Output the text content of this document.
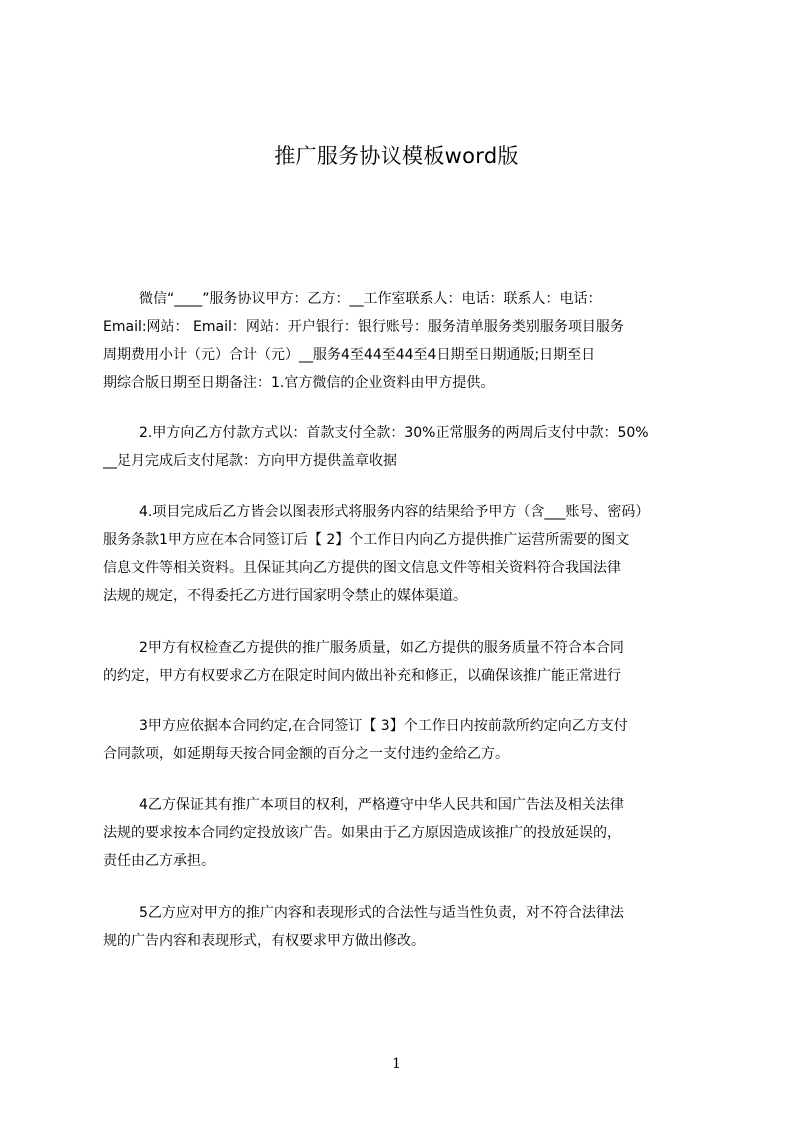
推广服务协议模板word版
微信“____”服务协议甲方：乙方：__工作室联系人：电话：联系人：电话：
Email:网站： Email：网站：开户银行：银行账号：服务清单服务类别服务项目服务
周期费用小计（元）合计（元）__服务4至44至44至4日期至日期通版;日期至日
期综合版日期至日期备注：1.官方微信的企业资料由甲方提供。
2.甲方向乙方付款方式以：首款支付全款：30%正常服务的两周后支付中款：50%
__足月完成后支付尾款：方向甲方提供盖章收据
4.项目完成后乙方皆会以图表形式将服务内容的结果给予甲方（含___账号、密码）
服务条款1甲方应在本合同签订后【 2】个工作日内向乙方提供推广运营所需要的图文
信息文件等相关资料。且保证其向乙方提供的图文信息文件等相关资料符合我国法律
法规的规定，不得委托乙方进行国家明令禁止的媒体渠道。
2甲方有权检查乙方提供的推广服务质量，如乙方提供的服务质量不符合本合同
的约定，甲方有权要求乙方在限定时间内做出补充和修正，以确保该推广能正常进行
3甲方应依据本合同约定,在合同签订【 3】个工作日内按前款所约定向乙方支付
合同款项，如延期每天按合同金额的百分之一支付违约金给乙方。
4乙方保证其有推广本项目的权利，严格遵守中华人民共和国广告法及相关法律
法规的要求按本合同约定投放该广告。如果由于乙方原因造成该推广的投放延误的，
责任由乙方承担。
5乙方应对甲方的推广内容和表现形式的合法性与适当性负责，对不符合法律法
规的广告内容和表现形式，有权要求甲方做出修改。
1
